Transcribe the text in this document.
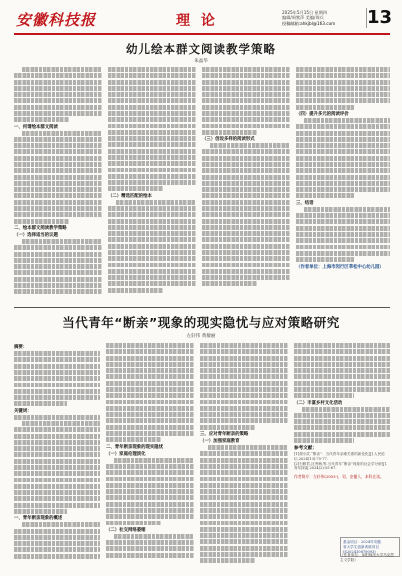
安徽科技报	理 论
2025年5月15日 星期四
编辑/周紫萍 美编/周兵
投稿邮箱:ahkjbl@163.com 13
幼儿绘本群文阅读教学策略
朱晶华
一、何谓绘本群文阅读
二、绘本群文阅读教学策略
（一）选择适当的议题
（二）精选匹配的绘本
（三）创设多样的阅读形式
（四）提升多元的阅读评价
三、结语
（作者单位：上海市闵行区莘松中心幼儿园）
当代青年“断亲”现象的现实隐忧与应对策略研究
左轩伟 黄敏丽
摘要：
关键词：
一、青年断亲现象的概述
二、青年断亲现象的现实隐忧
（一）家庭伦理淡化
（二）社交网络萎缩
三、应对青年断亲的策略
（一）加强家庭教育
（二）丰富乡村文化活动
参考文献：
[1]胡小武.“断亲”：当代青年亲缘关系的新变化[J].人民论坛,2024(13):75-77.
[2]石修君,沈秀梅,等.当代青年“断亲”现象的社会学分析[J].青年探索,2024(2):55-67.
作者简介：左轩伟(2003-)，男，安徽人，本科在读。
基金项目：2024年安徽
省大学生创新训练项目
(S202410879093)
（作者单位：阜阳师范大学马克思主义学院）
